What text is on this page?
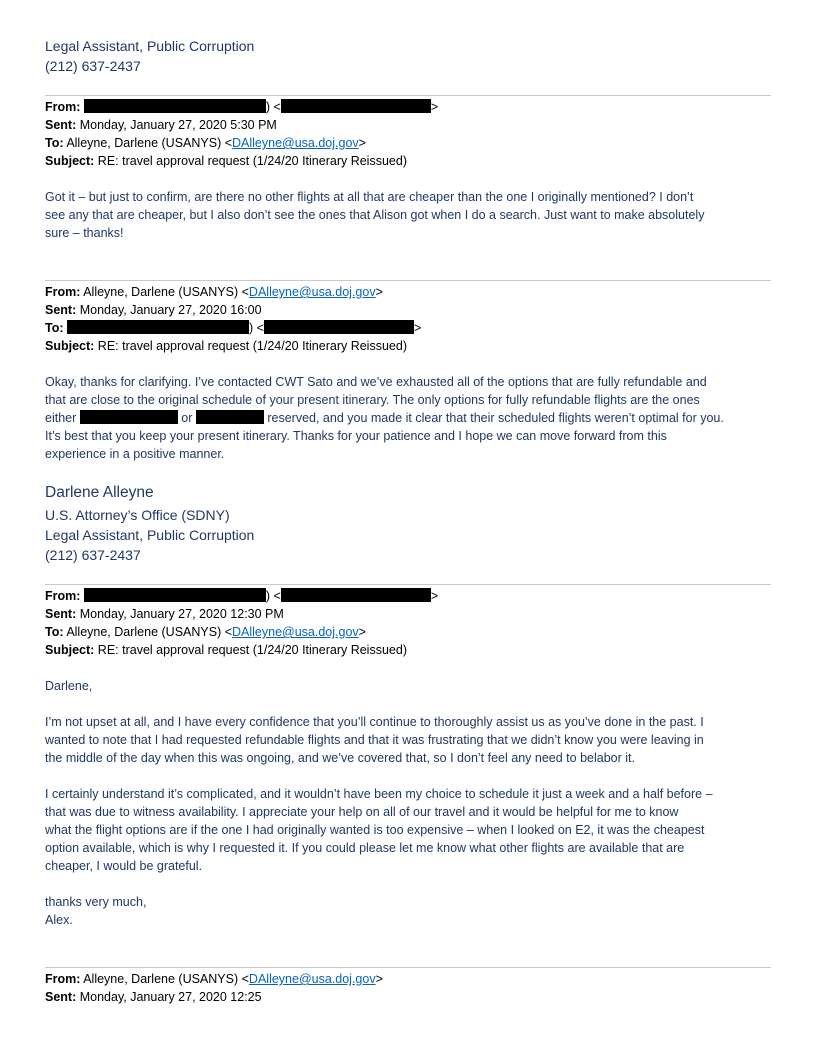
Legal Assistant, Public Corruption
(212) 637-2437
From:	) <	>
Sent: Monday, January 27, 2020 5:30 PM
To: Alleyne, Darlene (USANYS) <DAlleyne@usa.doj.gov>
Subject: RE: travel approval request (1/24/20 Itinerary Reissued)
Got it – but just to confirm, are there no other flights at all that are cheaper than the one I originally mentioned? I don’t
see any that are cheaper, but I also don’t see the ones that Alison got when I do a search. Just want to make absolutely
sure – thanks!
From: Alleyne, Darlene (USANYS) <DAlleyne@usa.doj.gov>
Sent: Monday, January 27, 2020 16:00
To:	) <	>
Subject: RE: travel approval request (1/24/20 Itinerary Reissued)
Okay, thanks for clarifying. I’ve contacted CWT Sato and we’ve exhausted all of the options that are fully refundable and
that are close to the original schedule of your present itinerary. The only options for fully refundable flights are the ones
either	or	reserved, and you made it clear that their scheduled flights weren’t optimal for you.
It’s best that you keep your present itinerary. Thanks for your patience and I hope we can move forward from this
experience in a positive manner.
Darlene Alleyne
U.S. Attorney’s Office (SDNY)
Legal Assistant, Public Corruption
(212) 637-2437
From:	) <	>
Sent: Monday, January 27, 2020 12:30 PM
To: Alleyne, Darlene (USANYS) <DAlleyne@usa.doj.gov>
Subject: RE: travel approval request (1/24/20 Itinerary Reissued)
Darlene,
I’m not upset at all, and I have every confidence that you’ll continue to thoroughly assist us as you’ve done in the past. I
wanted to note that I had requested refundable flights and that it was frustrating that we didn’t know you were leaving in
the middle of the day when this was ongoing, and we’ve covered that, so I don’t feel any need to belabor it.
I certainly understand it’s complicated, and it wouldn’t have been my choice to schedule it just a week and a half before –
that was due to witness availability. I appreciate your help on all of our travel and it would be helpful for me to know
what the flight options are if the one I had originally wanted is too expensive – when I looked on E2, it was the cheapest
option available, which is why I requested it. If you could please let me know what other flights are available that are
cheaper, I would be grateful.
thanks very much,
Alex.
From: Alleyne, Darlene (USANYS) <DAlleyne@usa.doj.gov>
Sent: Monday, January 27, 2020 12:25
